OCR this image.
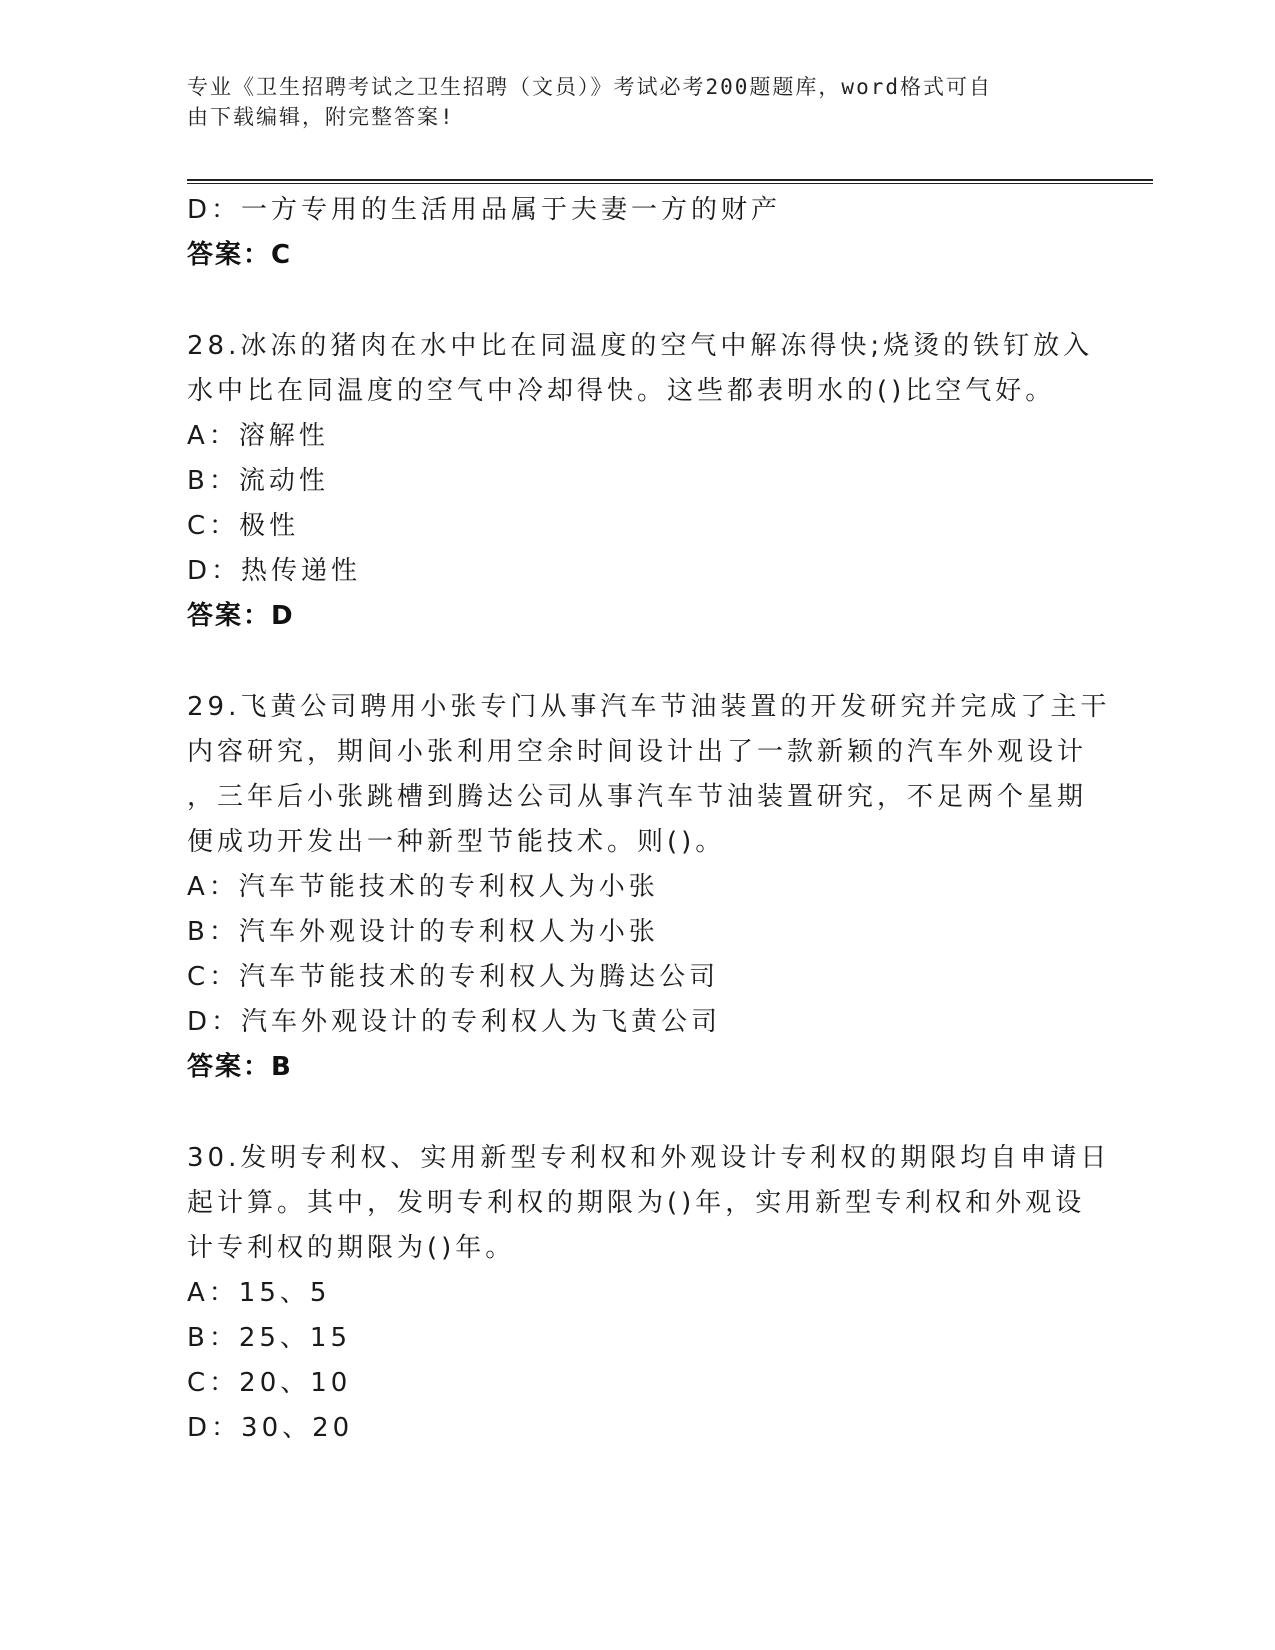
专业《卫生招聘考试之卫生招聘（文员）》考试必考200题题库，word格式可自
由下载编辑，附完整答案!
D：一方专用的生活用品属于夫妻一方的财产
答案：C
28.冰冻的猪肉在水中比在同温度的空气中解冻得快;烧烫的铁钉放入
水中比在同温度的空气中冷却得快。这些都表明水的()比空气好。
A：溶解性
B：流动性
C：极性
D：热传递性
答案：D
29.飞黄公司聘用小张专门从事汽车节油装置的开发研究并完成了主干
内容研究，期间小张利用空余时间设计出了一款新颖的汽车外观设计
，三年后小张跳槽到腾达公司从事汽车节油装置研究，不足两个星期
便成功开发出一种新型节能技术。则()。
A：汽车节能技术的专利权人为小张
B：汽车外观设计的专利权人为小张
C：汽车节能技术的专利权人为腾达公司
D：汽车外观设计的专利权人为飞黄公司
答案：B
30.发明专利权、实用新型专利权和外观设计专利权的期限均自申请日
起计算。其中，发明专利权的期限为()年，实用新型专利权和外观设
计专利权的期限为()年。
A：15、5
B：25、15
C：20、10
D：30、20
